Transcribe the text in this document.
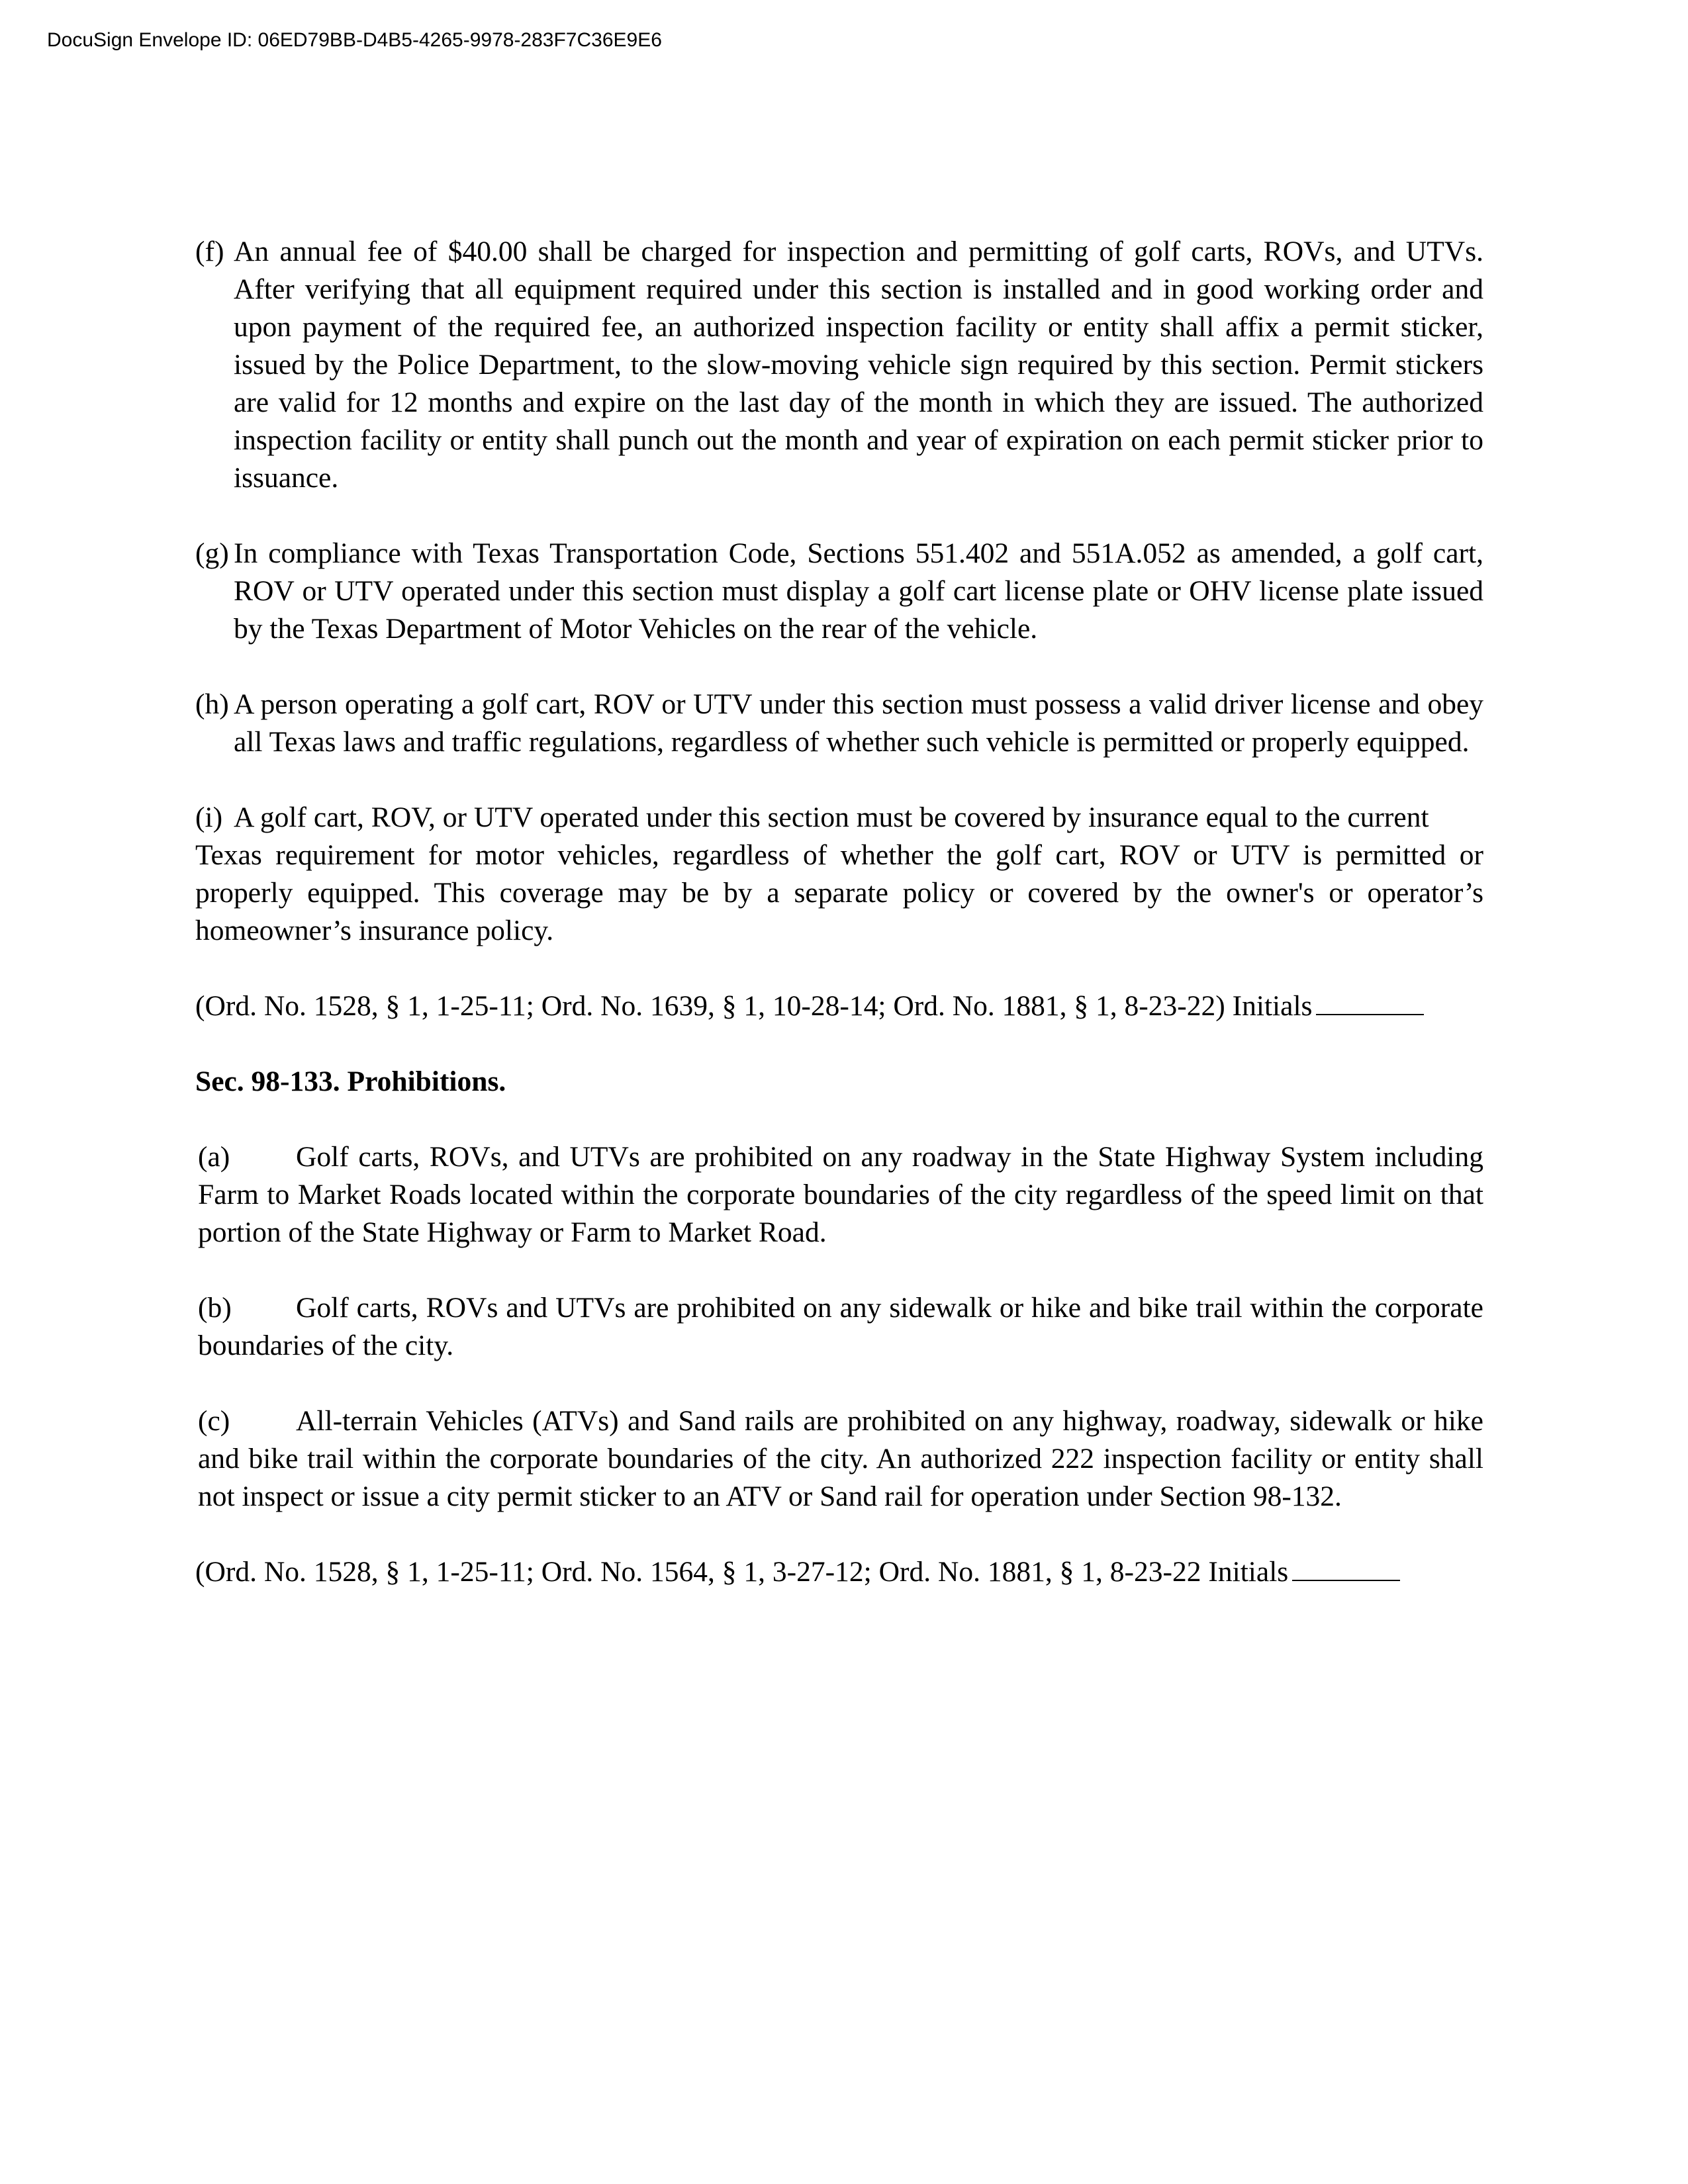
DocuSign Envelope ID: 06ED79BB-D4B5-4265-9978-283F7C36E9E6

(f) An annual fee of $40.00 shall be charged for inspection and permitting of golf carts, ROVs, and UTVs. After verifying that all equipment required under this section is installed and in good working order and upon payment of the required fee, an authorized inspection facility or entity shall affix a permit sticker, issued by the Police Department, to the slow-moving vehicle sign required by this section. Permit stickers are valid for 12 months and expire on the last day of the month in which they are issued. The authorized inspection facility or entity shall punch out the month and year of expiration on each permit sticker prior to issuance.

(g) In compliance with Texas Transportation Code, Sections 551.402 and 551A.052 as amended, a golf cart, ROV or UTV operated under this section must display a golf cart license plate or OHV license plate issued by the Texas Department of Motor Vehicles on the rear of the vehicle.

(h) A person operating a golf cart, ROV or UTV under this section must possess a valid driver license and obey all Texas laws and traffic regulations, regardless of whether such vehicle is permitted or properly equipped.

(i) A golf cart, ROV, or UTV operated under this section must be covered by insurance equal to the current
Texas requirement for motor vehicles, regardless of whether the golf cart, ROV or UTV is permitted or properly equipped. This coverage may be by a separate policy or covered by the owner's or operator’s homeowner’s insurance policy.

(Ord. No. 1528, § 1, 1-25-11; Ord. No. 1639, § 1, 10-28-14; Ord. No. 1881, § 1, 8-23-22) Initials

Sec. 98-133. Prohibitions.

(a) Golf carts, ROVs, and UTVs are prohibited on any roadway in the State Highway System including Farm to Market Roads located within the corporate boundaries of the city regardless of the speed limit on that portion of the State Highway or Farm to Market Road.

(b) Golf carts, ROVs and UTVs are prohibited on any sidewalk or hike and bike trail within the corporate boundaries of the city.

(c) All-terrain Vehicles (ATVs) and Sand rails are prohibited on any highway, roadway, sidewalk or hike and bike trail within the corporate boundaries of the city. An authorized 222 inspection facility or entity shall not inspect or issue a city permit sticker to an ATV or Sand rail for operation under Section 98-132.

(Ord. No. 1528, § 1, 1-25-11; Ord. No. 1564, § 1, 3-27-12; Ord. No. 1881, § 1, 8-23-22 Initials
